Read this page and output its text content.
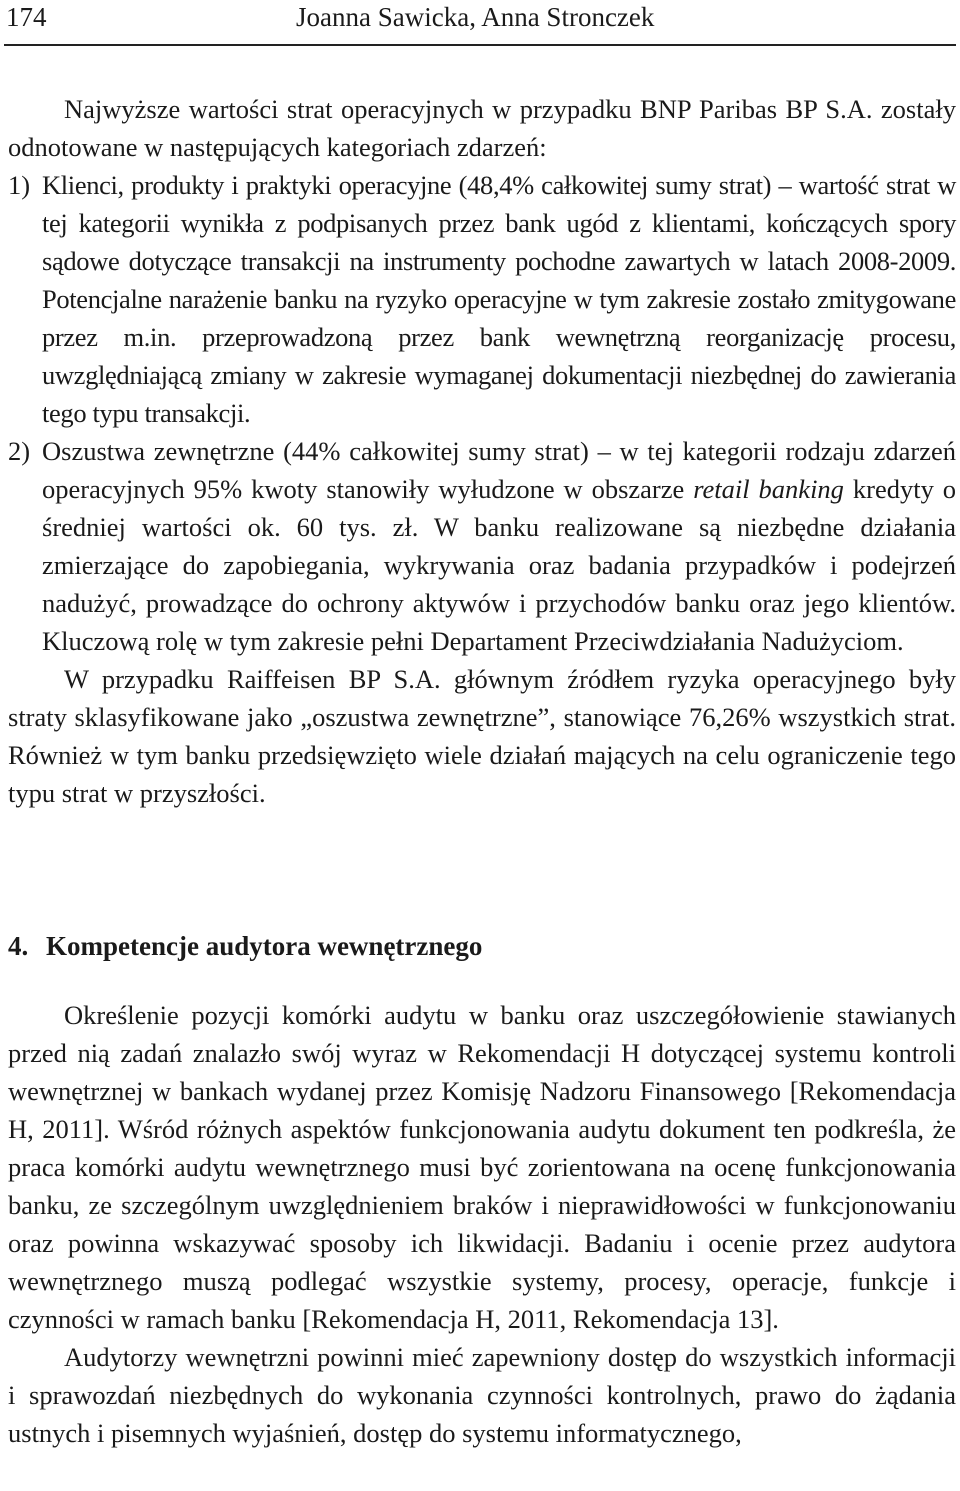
174	Joanna Sawicka, Anna Stronczek

Najwyższe wartości strat operacyjnych w przypadku BNP Paribas BP S.A. zostały odnotowane w następujących kategoriach zdarzeń:

1) Klienci, produkty i praktyki operacyjne (48,4% całkowitej sumy strat) – wartość strat w tej kategorii wynikła z podpisanych przez bank ugód z klientami, kończących spory sądowe dotyczące transakcji na instrumenty pochodne zawartych w latach 2008-2009. Potencjalne narażenie banku na ryzyko operacyjne w tym zakresie zostało zmitygowane przez m.in. przeprowadzoną przez bank wewnętrzną reorganizację procesu, uwzględniającą zmiany w zakresie wymaganej dokumentacji niezbędnej do zawierania tego typu transakcji.
2) Oszustwa zewnętrzne (44% całkowitej sumy strat) – w tej kategorii rodzaju zdarzeń operacyjnych 95% kwoty stanowiły wyłudzone w obszarze retail banking kredyty o średniej wartości ok. 60 tys. zł. W banku realizowane są niezbędne działania zmierzające do zapobiegania, wykrywania oraz badania przypadków i podejrzeń nadużyć, prowadzące do ochrony aktywów i przychodów banku oraz jego klientów. Kluczową rolę w tym zakresie pełni Departament Przeciwdziałania Nadużyciom.

W przypadku Raiffeisen BP S.A. głównym źródłem ryzyka operacyjnego były straty sklasyfikowane jako „oszustwa zewnętrzne”, stanowiące 76,26% wszystkich strat. Również w tym banku przedsięwzięto wiele działań mających na celu ograniczenie tego typu strat w przyszłości.

4. Kompetencje audytora wewnętrznego

Określenie pozycji komórki audytu w banku oraz uszczegółowienie stawianych przed nią zadań znalazło swój wyraz w Rekomendacji H dotyczącej systemu kontroli wewnętrznej w bankach wydanej przez Komisję Nadzoru Finansowego [Rekomendacja H, 2011]. Wśród różnych aspektów funkcjonowania audytu dokument ten podkreśla, że praca komórki audytu wewnętrznego musi być zorientowana na ocenę funkcjonowania banku, ze szczególnym uwzględnieniem braków i nieprawidłowości w funkcjonowaniu oraz powinna wskazywać sposoby ich likwidacji. Badaniu i ocenie przez audytora wewnętrznego muszą podlegać wszystkie systemy, procesy, operacje, funkcje i czynności w ramach banku [Rekomendacja H, 2011, Rekomendacja 13].

Audytorzy wewnętrzni powinni mieć zapewniony dostęp do wszystkich informacji i sprawozdań niezbędnych do wykonania czynności kontrolnych, prawo do żądania ustnych i pisemnych wyjaśnień, dostęp do systemu informatycznego,
